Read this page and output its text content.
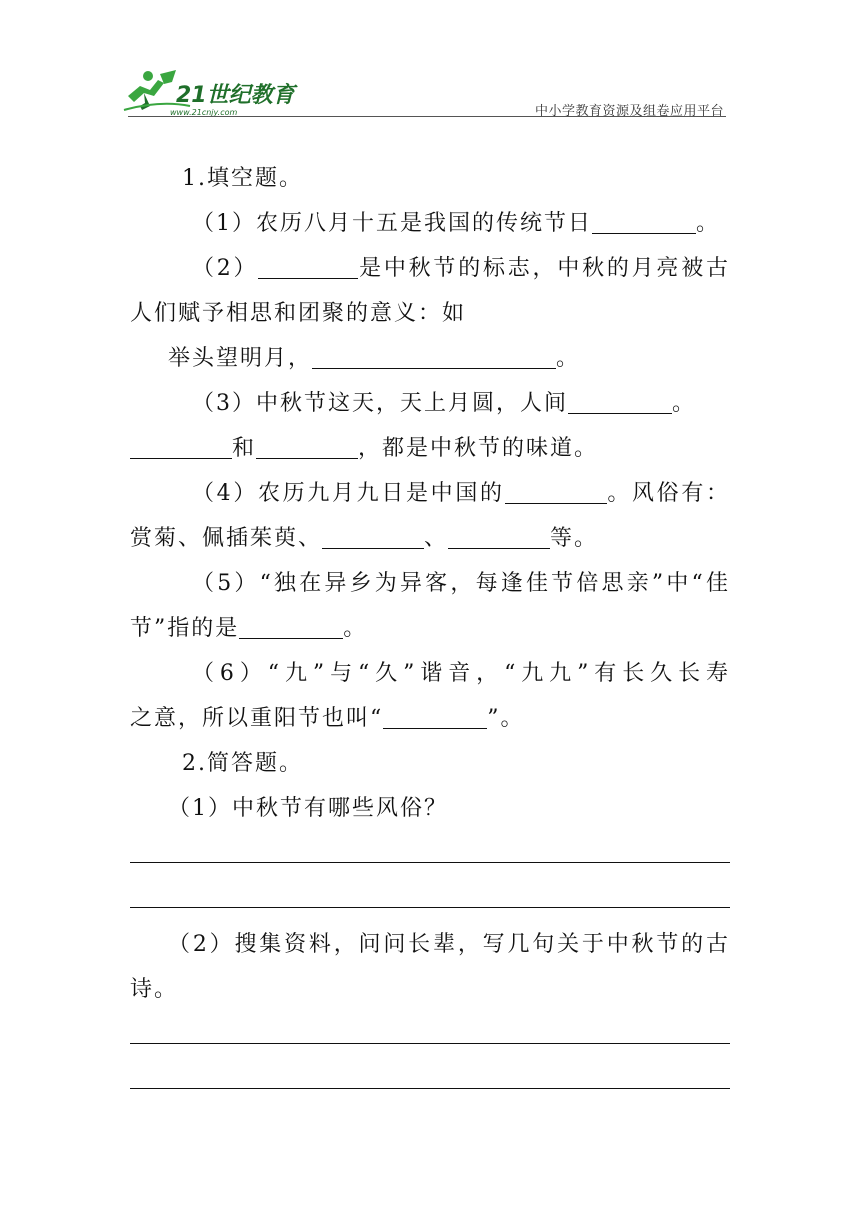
21世纪教育
www.21cnjy.com	中小学教育资源及组卷应用平台
1.填空题。
（1）农历八月十五是我国的传统节日	。
（2）	是中秋节的标志，中秋的月亮被古
人们赋予相思和团聚的意义：如
举头望明月，	。
（3）中秋节这天，天上月圆，人间	。
和	，都是中秋节的味道。
（4）农历九月九日是中国的	。风俗有：
赏菊、佩插茱萸、	、	等。
（5）“独在异乡为异客，每逢佳节倍思亲”中“佳
节”指的是	。
（6）“九”与“久”谐音，“九九”有长久长寿
之意，所以重阳节也叫“	”。
2.简答题。
（1）中秋节有哪些风俗？
（2）搜集资料，问问长辈，写几句关于中秋节的古
诗。
